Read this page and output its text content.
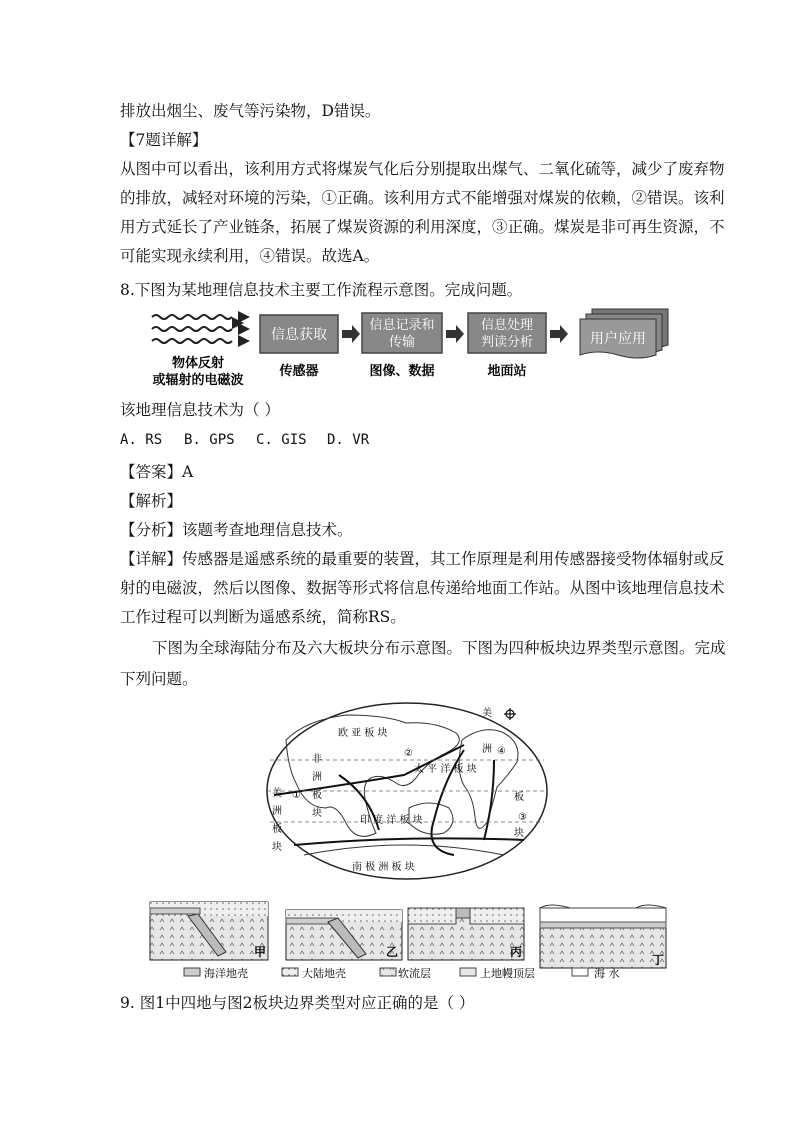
排放出烟尘、废气等污染物，D错误。
【7题详解】
从图中可以看出，该利用方式将煤炭气化后分别提取出煤气、二氧化硫等，减少了废弃物
的排放，减轻对环境的污染，①正确。该利用方式不能增强对煤炭的依赖，②错误。该利
用方式延长了产业链条，拓展了煤炭资源的利用深度，③正确。煤炭是非可再生资源，不
可能实现永续利用，④错误。故选A。
8.下图为某地理信息技术主要工作流程示意图。完成问题。
信息获取
信息记录和
传输
信息处理
判读分析	用户应用
物体反射
或辐射的电磁波
传感器	图像、数据	地面站
该地理信息技术为（ ）
A. RS B. GPS C. GIS D. VR
【答案】A
【解析】
【分析】该题考查地理信息技术。
【详解】传感器是遥感系统的最重要的装置，其工作原理是利用传感器接受物体辐射或反
射的电磁波，然后以图像、数据等形式将信息传递给地面工作站。从图中该地理信息技术
工作过程可以判断为遥感系统，简称RS。
下图为全球海陆分布及六大板块分布示意图。下图为四种板块边界类型示意图。完成
下列问题。
欧 亚 板 块
太 平 洋 板 块
印 度 洋 板 块
南 极 洲 板 块
非
洲
板
块
美
洲
板
块
美
洲
板
块
①
②
③
④
甲	乙	丙
丁
海洋地壳	大陆地壳	软流层	上地幔顶层	海 水
9. 图1中四地与图2板块边界类型对应正确的是（ ）
